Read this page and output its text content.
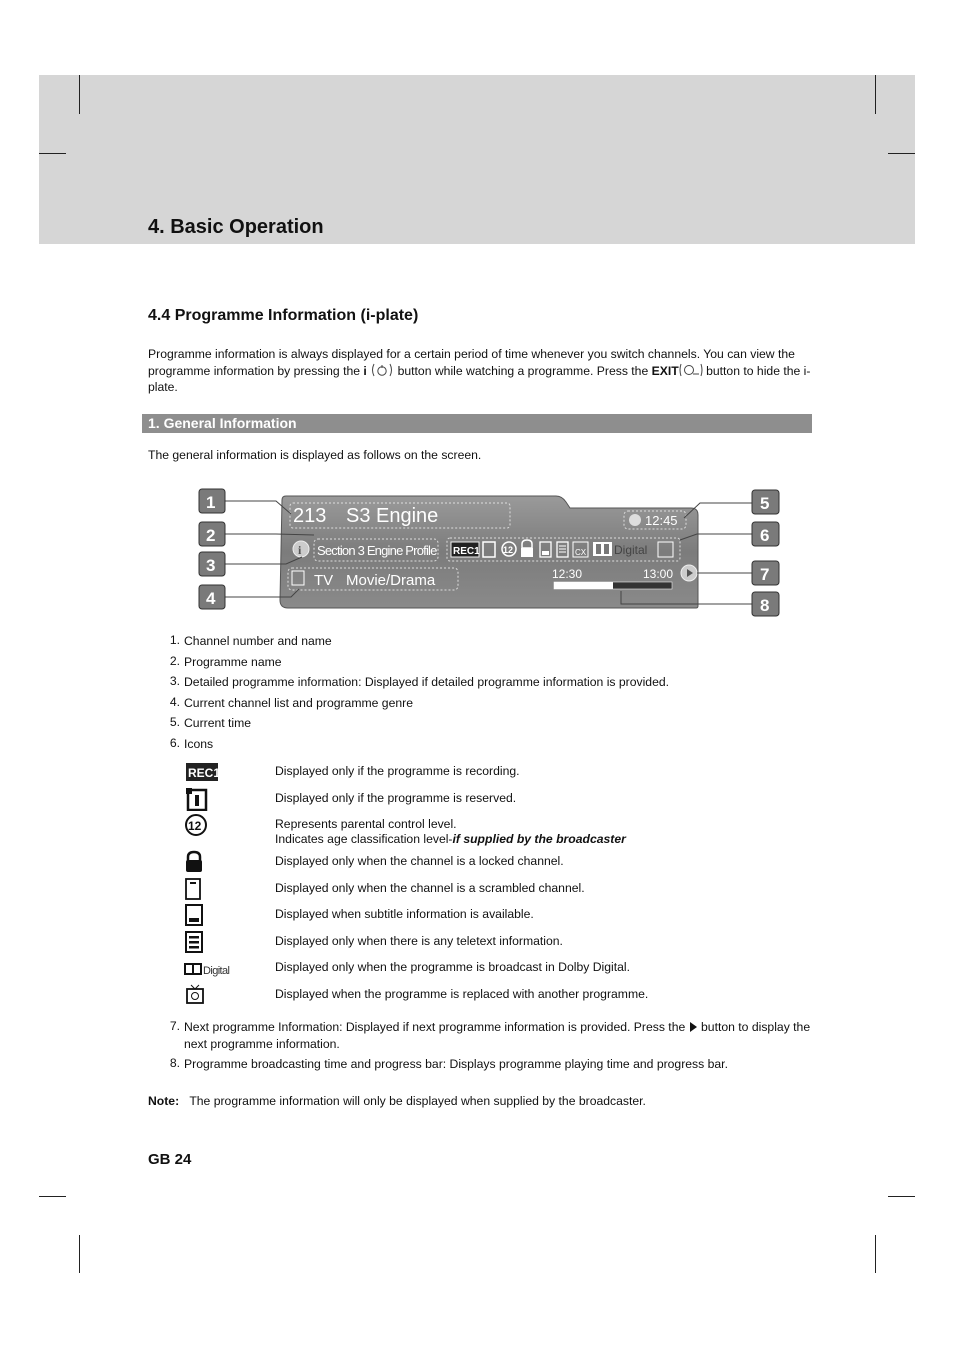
4. Basic Operation
4.4 Programme Information (i-plate)
Programme information is always displayed for a certain period of time whenever you switch channels. You can view the programme information by pressing the i  button while watching a programme. Press the EXIT button to hide the i-plate.
1. General Information
The general information is displayed as follows on the screen.
213 S3 Engine	12:45
i Section 3 Engine Profile REC1	12	CX Digital
TV Movie/Drama	12:30	13:00
1
2
3
4
5
6
7
8
1. Channel number and name
2. Programme name
3. Detailed programme information: Displayed if detailed programme information is provided.
4. Current channel list and programme genre
5. Current time
6. Icons
REC1	Displayed only if the programme is recording.
Displayed only if the programme is reserved.
12	Represents parental control level.
Indicates age classification level-if supplied by the broadcaster
Displayed only when the channel is a locked channel.
Displayed only when the channel is a scrambled channel.
Displayed when subtitle information is available.
Displayed only when there is any teletext information.
Digital	Displayed only when the programme is broadcast in Dolby Digital.
Displayed when the programme is replaced with another programme.
7. Next programme Information: Displayed if next programme information is provided. Press the  button to display the next programme information.
8. Programme broadcasting time and progress bar: Displays programme playing time and progress bar.
Note: The programme information will only be displayed when supplied by the broadcaster.
GB 24
